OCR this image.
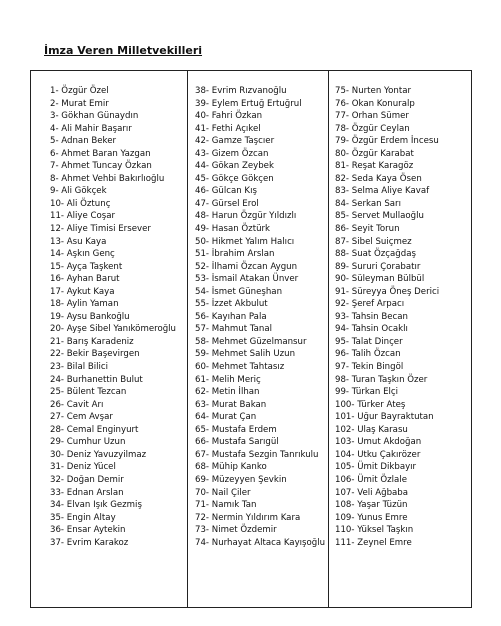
İmza Veren Milletvekilleri
1- Özgür Özel
2- Murat Emir
3- Gökhan Günaydın
4- Ali Mahir Başarır
5- Adnan Beker
6- Ahmet Baran Yazgan
7- Ahmet Tuncay Özkan
8- Ahmet Vehbi Bakırlıoğlu
9- Ali Gökçek
10- Ali Öztunç
11- Aliye Coşar
12- Aliye Timisi Ersever
13- Asu Kaya
14- Aşkın Genç
15- Ayça Taşkent
16- Ayhan Barut
17- Aykut Kaya
18- Aylin Yaman
19- Aysu Bankoğlu
20- Ayşe Sibel Yanıkömeroğlu
21- Barış Karadeniz
22- Bekir Başevirgen
23- Bilal Bilici
24- Burhanettin Bulut
25- Bülent Tezcan
26- Cavit Arı
27- Cem Avşar
28- Cemal Enginyurt
29- Cumhur Uzun
30- Deniz Yavuzyilmaz
31- Deniz Yücel
32- Doğan Demir
33- Ednan Arslan
34- Elvan Işık Gezmiş
35- Engin Altay
36- Ensar Aytekin
37- Evrim Karakoz
38- Evrim Rızvanoğlu
39- Eylem Ertuğ Ertuğrul
40- Fahri Özkan
41- Fethi Açıkel
42- Gamze Taşcıer
43- Gizem Özcan
44- Gökan Zeybek
45- Gökçe Gökçen
46- Gülcan Kış
47- Gürsel Erol
48- Harun Özgür Yıldızlı
49- Hasan Öztürk
50- Hikmet Yalım Halıcı
51- İbrahim Arslan
52- İlhami Özcan Aygun
53- İsmail Atakan Ünver
54- İsmet Güneşhan
55- İzzet Akbulut
56- Kayıhan Pala
57- Mahmut Tanal
58- Mehmet Güzelmansur
59- Mehmet Salih Uzun
60- Mehmet Tahtasız
61- Melih Meriç
62- Metin İlhan
63- Murat Bakan
64- Murat Çan
65- Mustafa Erdem
66- Mustafa Sarıgül
67- Mustafa Sezgin Tanrıkulu
68- Mühip Kanko
69- Müzeyyen Şevkin
70- Nail Çiler
71- Namık Tan
72- Nermin Yıldırım Kara
73- Nimet Özdemir
74- Nurhayat Altaca Kayışoğlu
75- Nurten Yontar
76- Okan Konuralp
77- Orhan Sümer
78- Özgür Ceylan
79- Özgür Erdem İncesu
80- Özgür Karabat
81- Reşat Karagöz
82- Seda Kaya Ösen
83- Selma Aliye Kavaf
84- Serkan Sarı
85- Servet Mullaoğlu
86- Seyit Torun
87- Sibel Suiçmez
88- Suat Özçağdaş
89- Sururi Çorabatır
90- Süleyman Bülbül
91- Süreyya Öneş Derici
92- Şeref Arpacı
93- Tahsin Becan
94- Tahsin Ocaklı
95- Talat Dinçer
96- Talih Özcan
97- Tekin Bingöl
98- Turan Taşkın Özer
99- Türkan Elçi
100- Türker Ateş
101- Uğur Bayraktutan
102- Ulaş Karasu
103- Umut Akdoğan
104- Utku Çakırözer
105- Ümit Dikbayır
106- Ümit Özlale
107- Veli Ağbaba
108- Yaşar Tüzün
109- Yunus Emre
110- Yüksel Taşkın
111- Zeynel Emre
